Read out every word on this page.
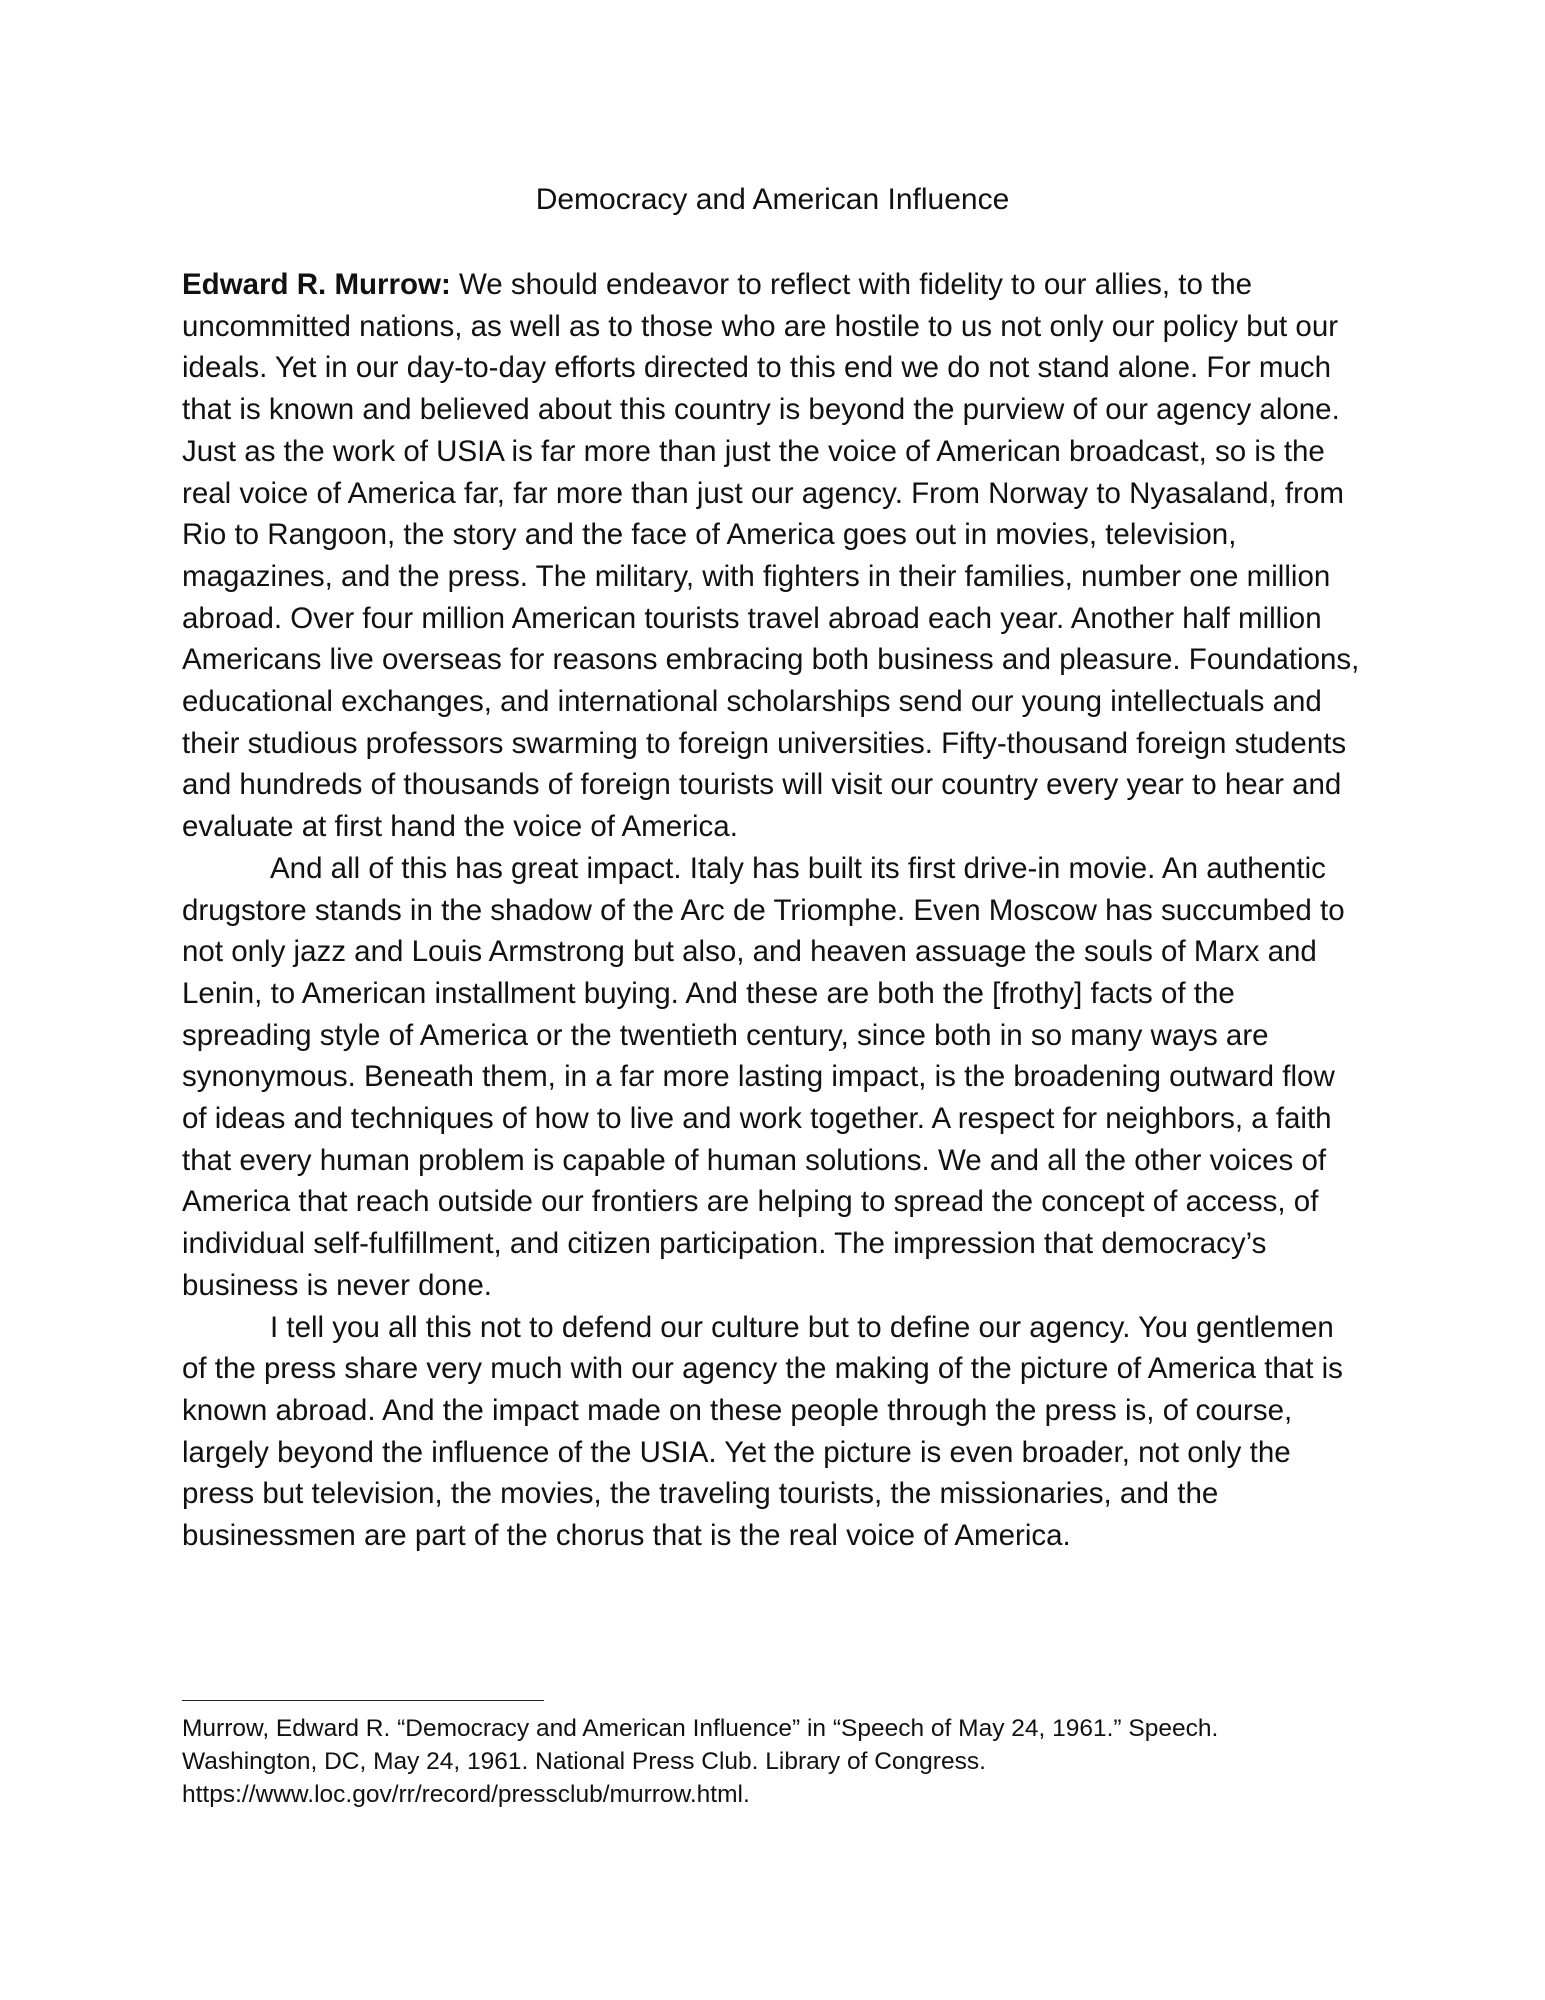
Democracy and American Influence

Edward R. Murrow: We should endeavor to reflect with fidelity to our allies, to the uncommitted nations, as well as to those who are hostile to us not only our policy but our ideals. Yet in our day-to-day efforts directed to this end we do not stand alone. For much that is known and believed about this country is beyond the purview of our agency alone. Just as the work of USIA is far more than just the voice of American broadcast, so is the real voice of America far, far more than just our agency. From Norway to Nyasaland, from Rio to Rangoon, the story and the face of America goes out in movies, television, magazines, and the press. The military, with fighters in their families, number one million abroad. Over four million American tourists travel abroad each year. Another half million Americans live overseas for reasons embracing both business and pleasure. Foundations, educational exchanges, and international scholarships send our young intellectuals and their studious professors swarming to foreign universities. Fifty-thousand foreign students and hundreds of thousands of foreign tourists will visit our country every year to hear and evaluate at first hand the voice of America.

And all of this has great impact. Italy has built its first drive-in movie. An authentic drugstore stands in the shadow of the Arc de Triomphe. Even Moscow has succumbed to not only jazz and Louis Armstrong but also, and heaven assuage the souls of Marx and Lenin, to American installment buying. And these are both the [frothy] facts of the spreading style of America or the twentieth century, since both in so many ways are synonymous. Beneath them, in a far more lasting impact, is the broadening outward flow of ideas and techniques of how to live and work together. A respect for neighbors, a faith that every human problem is capable of human solutions. We and all the other voices of America that reach outside our frontiers are helping to spread the concept of access, of individual self-fulfillment, and citizen participation. The impression that democracy’s business is never done.

I tell you all this not to defend our culture but to define our agency. You gentlemen of the press share very much with our agency the making of the picture of America that is known abroad. And the impact made on these people through the press is, of course, largely beyond the influence of the USIA. Yet the picture is even broader, not only the press but television, the movies, the traveling tourists, the missionaries, and the businessmen are part of the chorus that is the real voice of America.

Murrow, Edward R. “Democracy and American Influence” in “Speech of May 24, 1961.” Speech.
Washington, DC, May 24, 1961. National Press Club. Library of Congress.
https://www.loc.gov/rr/record/pressclub/murrow.html.
